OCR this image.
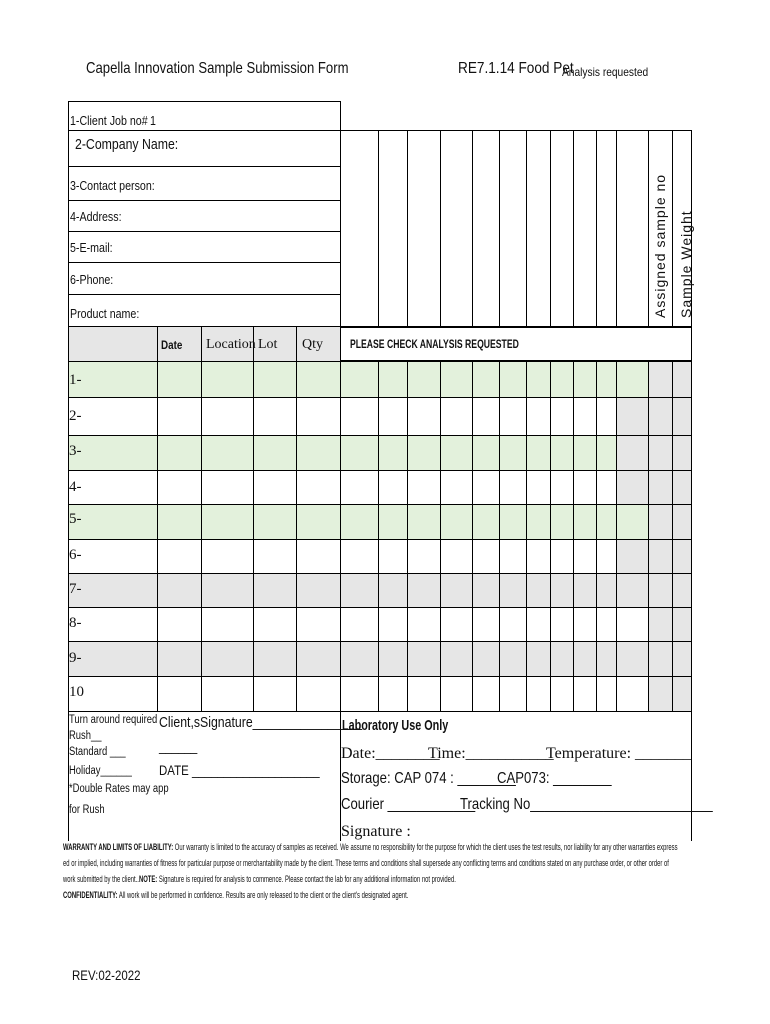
Capella Innovation Sample Submission Form	RE7.1.14 Food Pet
Analysis requested
1-Client Job no# 1
2-Company Name:
3-Contact person:
4-Address:
5-E-mail:
6-Phone:
Product name:	Assigned sample no Sample Weight
Date Location Lot Qty PLEASE CHECK ANALYSIS REQUESTED
1-
2-
3-
4-
5-
6-
7-
8-
9-
10
Turn around required
Rush__
Standard ___
Holiday______
*Double Rates may app
for Rush
Client,sSignature________________
______
DATE ____________________
Laboratory Use Only
Date:________
Time:___________
Temperature: _______
Storage: CAP 074 : ________
CAP073: ________
Courier ____________
Tracking No_________________________
Signature :
WARRANTY AND LIMITS OF LIABILITY: Our warranty is limited to the accuracy of samples as received. We assume no responsibility for the purpose for which the client uses the test results, nor liability for any other warranties express
ed or implied, including warranties of fitness for particular purpose or merchantability made by the client. These terms and conditions shall supersede any conflicting terms and conditions stated on any purchase order, or other order of
work submitted by the client..NOTE: Signature is required for analysis to commence. Please contact the lab for any additional information not provided.
CONFIDENTIALITY: All work will be performed in confidence. Results are only released to the client or the client's designated agent.
REV:02-2022
